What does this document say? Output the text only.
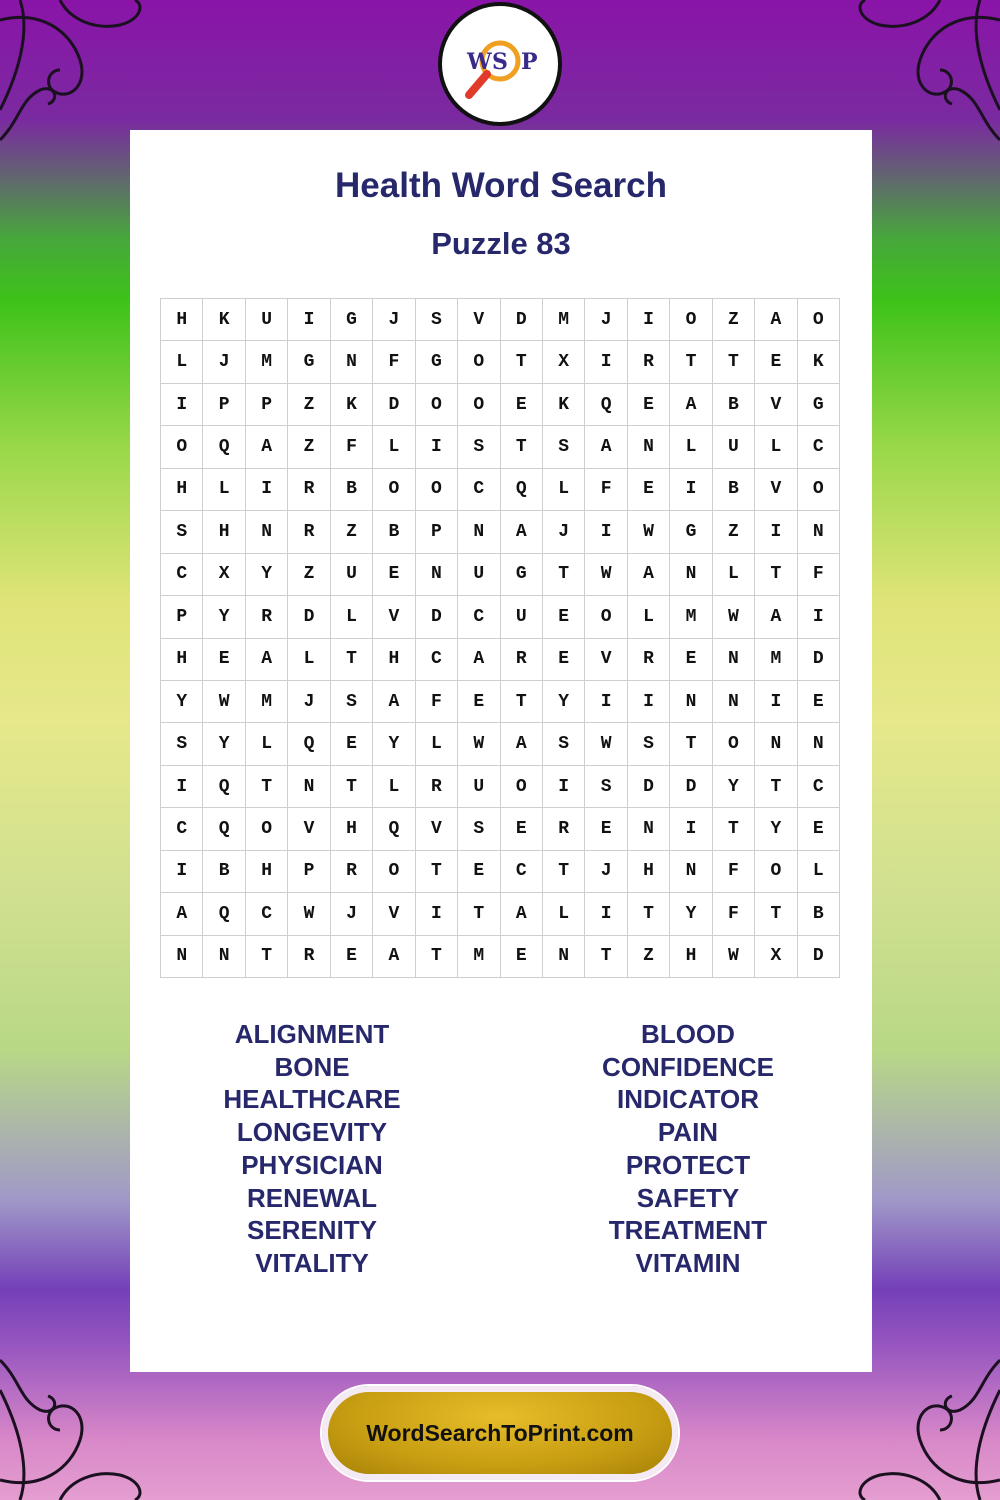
W S P
Health Word Search
Puzzle 83
H	K	U	I	G	J	S	V	D	M	J	I	O	Z	A	O
L	J	M	G	N	F	G	O	T	X	I	R	T	T	E	K
I	P	P	Z	K	D	O	O	E	K	Q	E	A	B	V	G
O	Q	A	Z	F	L	I	S	T	S	A	N	L	U	L	C
H	L	I	R	B	O	O	C	Q	L	F	E	I	B	V	O
S	H	N	R	Z	B	P	N	A	J	I	W	G	Z	I	N
C	X	Y	Z	U	E	N	U	G	T	W	A	N	L	T	F
P	Y	R	D	L	V	D	C	U	E	O	L	M	W	A	I
H	E	A	L	T	H	C	A	R	E	V	R	E	N	M	D
Y	W	M	J	S	A	F	E	T	Y	I	I	N	N	I	E
S	Y	L	Q	E	Y	L	W	A	S	W	S	T	O	N	N
I	Q	T	N	T	L	R	U	O	I	S	D	D	Y	T	C
C	Q	O	V	H	Q	V	S	E	R	E	N	I	T	Y	E
I	B	H	P	R	O	T	E	C	T	J	H	N	F	O	L
A	Q	C	W	J	V	I	T	A	L	I	T	Y	F	T	B
N	N	T	R	E	A	T	M	E	N	T	Z	H	W	X	D
ALIGNMENT
BONE
HEALTHCARE
LONGEVITY
PHYSICIAN
RENEWAL
SERENITY
VITALITY
BLOOD
CONFIDENCE
INDICATOR
PAIN
PROTECT
SAFETY
TREATMENT
VITAMIN
WordSearchToPrint.com
